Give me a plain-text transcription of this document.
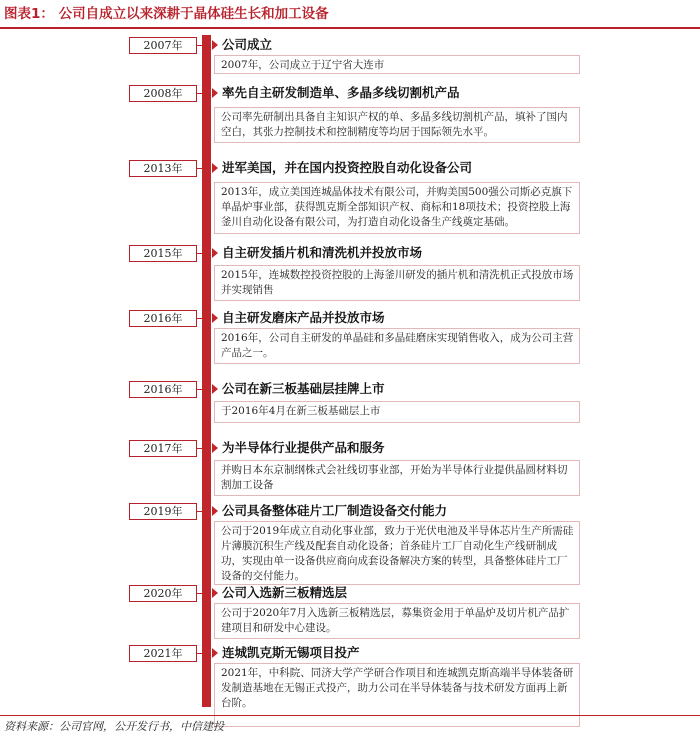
图表1： 公司自成立以来深耕于晶体硅生长和加工设备
2007年	公司成立
2007年，公司成立于辽宁省大连市
2008年	率先自主研发制造单、多晶多线切割机产品
公司率先研制出具备自主知识产权的单、多晶多线切割机产品，填补了国内空白，其张力控制技术和控制精度等均居于国际领先水平。
2013年	进军美国，并在国内投资控股自动化设备公司
2013年，成立美国连城晶体技术有限公司，并购美国500强公司斯必克旗下单晶炉事业部，获得凯克斯全部知识产权、商标和18项技术；投资控股上海釜川自动化设备有限公司，为打造自动化设备生产线奠定基础。
2015年	自主研发插片机和清洗机并投放市场
2015年，连城数控投资控股的上海釜川研发的插片机和清洗机正式投放市场并实现销售
2016年	自主研发磨床产品并投放市场
2016年，公司自主研发的单晶硅和多晶硅磨床实现销售收入，成为公司主营产品之一。
2016年	公司在新三板基础层挂牌上市
于2016年4月在新三板基础层上市
2017年	为半导体行业提供产品和服务
并购日本东京制纲株式会社线切事业部，开始为半导体行业提供晶圆材料切割加工设备
2019年	公司具备整体硅片工厂制造设备交付能力
公司于2019年成立自动化事业部，致力于光伏电池及半导体芯片生产所需硅片薄膜沉积生产线及配套自动化设备；首条硅片工厂自动化生产线研制成功，实现由单一设备供应商向成套设备解决方案的转型，具备整体硅片工厂设备的交付能力。
2020年	公司入选新三板精选层
公司于2020年7月入选新三板精选层，募集资金用于单晶炉及切片机产品扩建项目和研发中心建设。
2021年	连城凯克斯无锡项目投产
2021年，中科院、同济大学产学研合作项目和连城凯克斯高端半导体装备研发制造基地在无锡正式投产，助力公司在半导体装备与技术研发方面再上新台阶。
资料来源：公司官网，公开发行书，中信建投
